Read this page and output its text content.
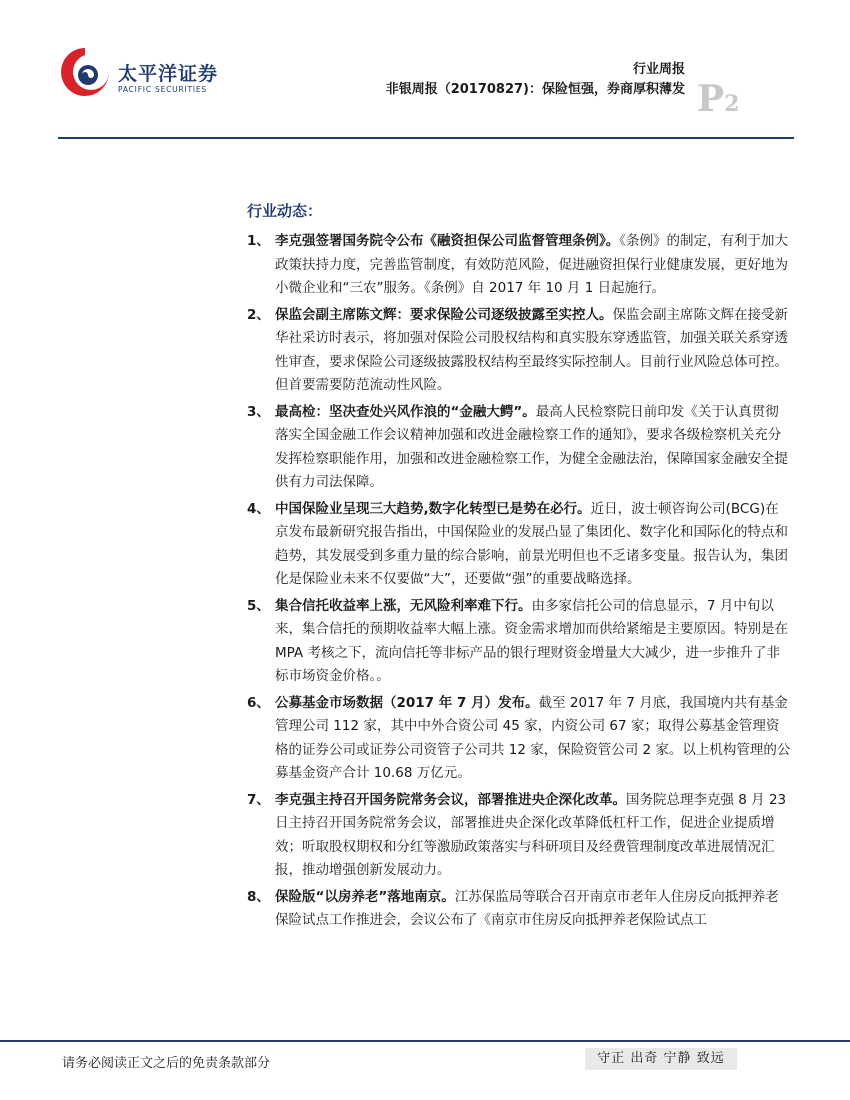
太平洋证券
PACIFIC SECURITIES
行业周报
非银周报（20170827)：保险恒强，券商厚积薄发 P2
行业动态：
1、 李克强签署国务院令公布《融资担保公司监督管理条例》。《条例》的制定，有利于加大政策扶持力度，完善监管制度，有效防范风险，促进融资担保行业健康发展，更好地为小微企业和“三农”服务。《条例》自 2017 年 10 月 1 日起施行。
2、 保监会副主席陈文辉：要求保险公司逐级披露至实控人。保监会副主席陈文辉在接受新华社采访时表示，将加强对保险公司股权结构和真实股东穿透监管，加强关联关系穿透性审查，要求保险公司逐级披露股权结构至最终实际控制人。目前行业风险总体可控。但首要需要防范流动性风险。
3、 最高检：坚决查处兴风作浪的“金融大鳄”。最高人民检察院日前印发《关于认真贯彻落实全国金融工作会议精神加强和改进金融检察工作的通知》，要求各级检察机关充分发挥检察职能作用，加强和改进金融检察工作，为健全金融法治，保障国家金融安全提供有力司法保障。
4、 中国保险业呈现三大趋势,数字化转型已是势在必行。近日，波士顿咨询公司(BCG)在京发布最新研究报告指出，中国保险业的发展凸显了集团化、数字化和国际化的特点和趋势，其发展受到多重力量的综合影响，前景光明但也不乏诸多变量。报告认为，集团化是保险业未来不仅要做“大”，还要做“强”的重要战略选择。
5、 集合信托收益率上涨，无风险利率难下行。由多家信托公司的信息显示，7 月中旬以来，集合信托的预期收益率大幅上涨。资金需求增加而供给紧缩是主要原因。特别是在 MPA 考核之下，流向信托等非标产品的银行理财资金增量大大减少，进一步推升了非标市场资金价格。。
6、 公募基金市场数据（2017 年 7 月）发布。截至 2017 年 7 月底，我国境内共有基金管理公司 112 家，其中中外合资公司 45 家，内资公司 67 家；取得公募基金管理资格的证券公司或证券公司资管子公司共 12 家，保险资管公司 2 家。以上机构管理的公募基金资产合计 10.68 万亿元。
7、 李克强主持召开国务院常务会议，部署推进央企深化改革。国务院总理李克强 8 月 23 日主持召开国务院常务会议，部署推进央企深化改革降低杠杆工作，促进企业提质增效；听取股权期权和分红等激励政策落实与科研项目及经费管理制度改革进展情况汇报，推动增强创新发展动力。
8、 保险版“以房养老”落地南京。江苏保监局等联合召开南京市老年人住房反向抵押养老保险试点工作推进会，会议公布了《南京市住房反向抵押养老保险试点工
请务必阅读正文之后的免责条款部分	守正 出奇 宁静 致远
